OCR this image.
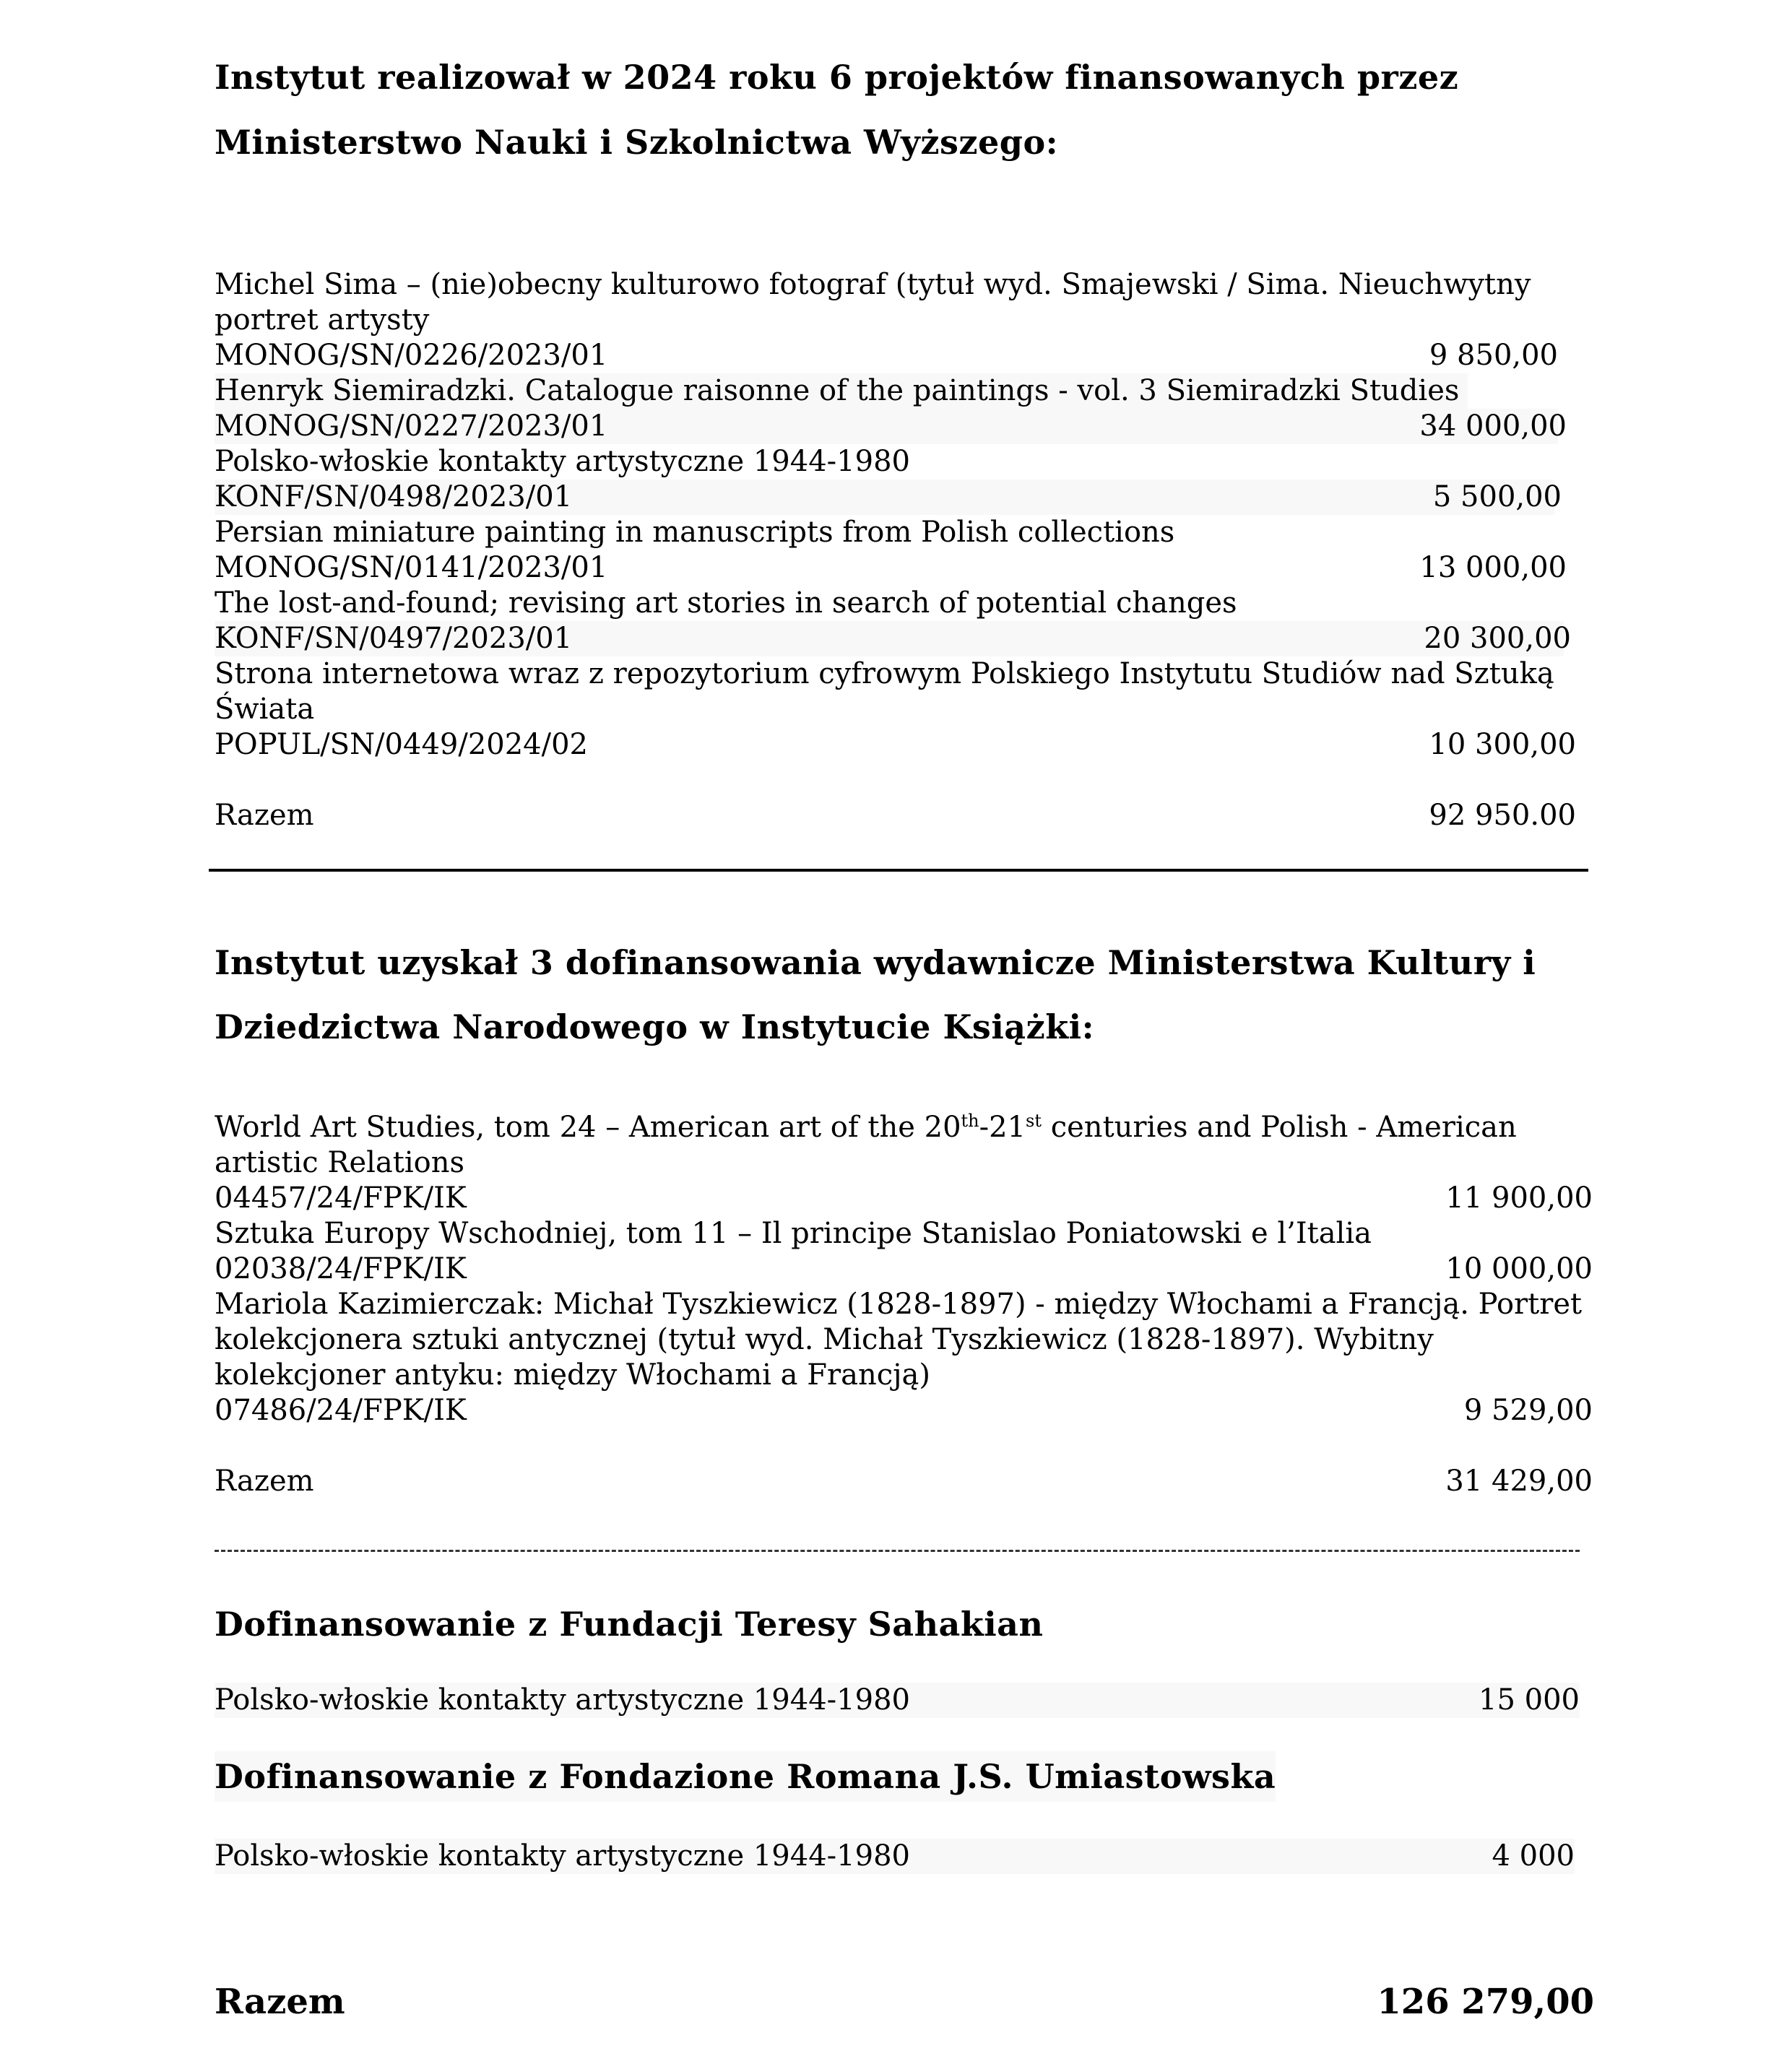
Instytut realizował w 2024 roku 6 projektów finansowanych przez
Ministerstwo Nauki i Szkolnictwa Wyższego:
Michel Sima – (nie)obecny kulturowo fotograf (tytuł wyd. Smajewski / Sima. Nieuchwytny
portret artysty
MONOG/SN/0226/2023/01	9 850,00
Henryk Siemiradzki. Catalogue raisonne of the paintings - vol. 3 Siemiradzki Studies
MONOG/SN/0227/2023/01	34 000,00
Polsko-włoskie kontakty artystyczne 1944-1980
KONF/SN/0498/2023/01	5 500,00
Persian miniature painting in manuscripts from Polish collections
MONOG/SN/0141/2023/01	13 000,00
The lost-and-found; revising art stories in search of potential changes
KONF/SN/0497/2023/01	20 300,00
Strona internetowa wraz z repozytorium cyfrowym Polskiego Instytutu Studiów nad Sztuką
Świata
POPUL/SN/0449/2024/02	10 300,00
Razem	92 950.00
Instytut uzyskał 3 dofinansowania wydawnicze Ministerstwa Kultury i
Dziedzictwa Narodowego w Instytucie Książki:
World Art Studies, tom 24 – American art of the 20th-21st centuries and Polish - American
artistic Relations
04457/24/FPK/IK	11 900,00
Sztuka Europy Wschodniej, tom 11 – Il principe Stanislao Poniatowski e l’Italia
02038/24/FPK/IK	10 000,00
Mariola Kazimierczak: Michał Tyszkiewicz (1828-1897) - między Włochami a Francją. Portret
kolekcjonera sztuki antycznej (tytuł wyd. Michał Tyszkiewicz (1828-1897). Wybitny
kolekcjoner antyku: między Włochami a Francją)
07486/24/FPK/IK	9 529,00
Razem	31 429,00
Dofinansowanie z Fundacji Teresy Sahakian
Polsko-włoskie kontakty artystyczne 1944-1980	15 000
Dofinansowanie z Fondazione Romana J.S. Umiastowska
Polsko-włoskie kontakty artystyczne 1944-1980	4 000
Razem	126 279,00
